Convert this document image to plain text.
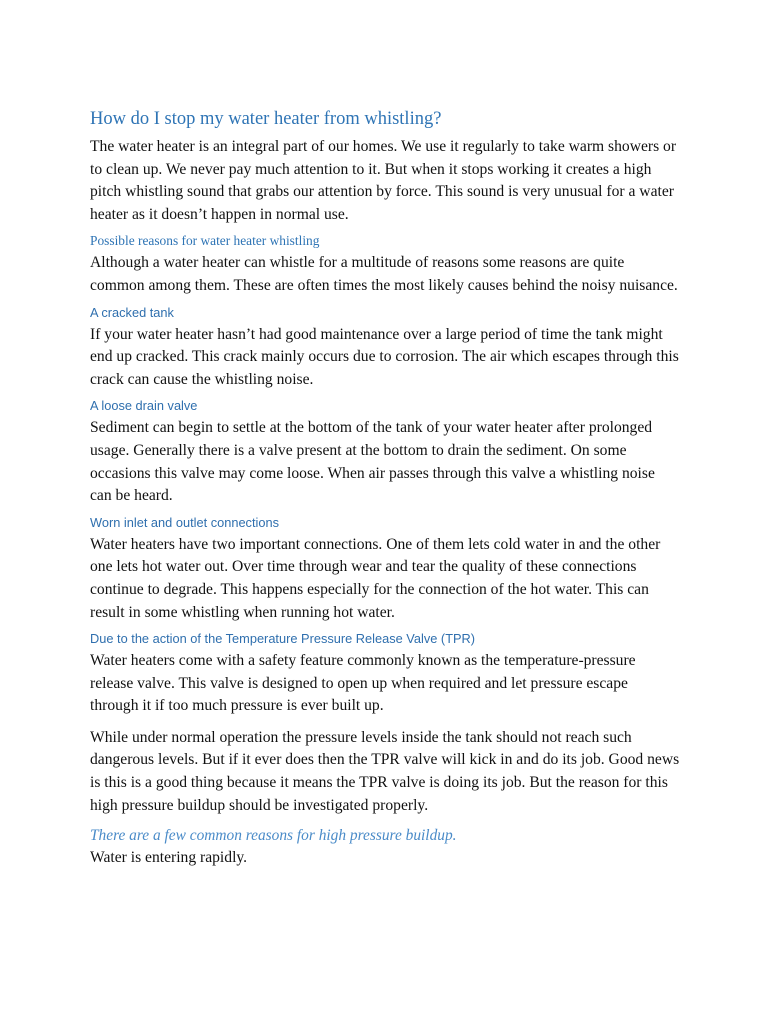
How do I stop my water heater from whistling?

The water heater is an integral part of our homes. We use it regularly to take warm showers or to clean up. We never pay much attention to it. But when it stops working it creates a high pitch whistling sound that grabs our attention by force. This sound is very unusual for a water heater as it doesn’t happen in normal use.

Possible reasons for water heater whistling

Although a water heater can whistle for a multitude of reasons some reasons are quite common among them. These are often times the most likely causes behind the noisy nuisance.

A cracked tank

If your water heater hasn’t had good maintenance over a large period of time the tank might end up cracked. This crack mainly occurs due to corrosion. The air which escapes through this crack can cause the whistling noise.

A loose drain valve

Sediment can begin to settle at the bottom of the tank of your water heater after prolonged usage. Generally there is a valve present at the bottom to drain the sediment. On some occasions this valve may come loose. When air passes through this valve a whistling noise can be heard.

Worn inlet and outlet connections

Water heaters have two important connections. One of them lets cold water in and the other one lets hot water out. Over time through wear and tear the quality of these connections continue to degrade. This happens especially for the connection of the hot water. This can result in some whistling when running hot water.

Due to the action of the Temperature Pressure Release Valve (TPR)

Water heaters come with a safety feature commonly known as the temperature-pressure release valve. This valve is designed to open up when required and let pressure escape through it if too much pressure is ever built up.

While under normal operation the pressure levels inside the tank should not reach such dangerous levels. But if it ever does then the TPR valve will kick in and do its job. Good news is this is a good thing because it means the TPR valve is doing its job. But the reason for this high pressure buildup should be investigated properly.

There are a few common reasons for high pressure buildup.

Water is entering rapidly.
